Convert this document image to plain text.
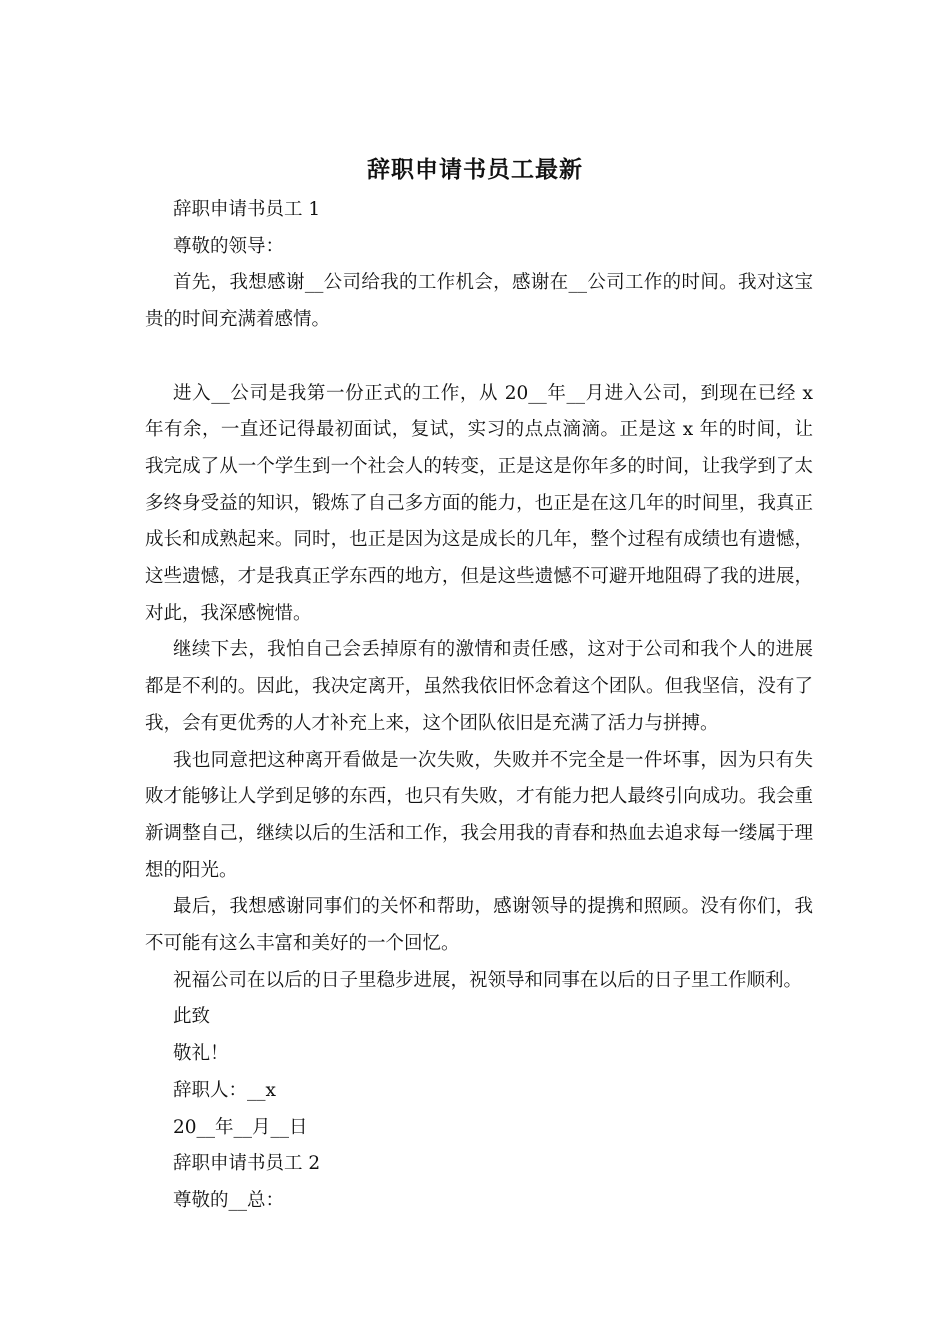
辞职申请书员工最新

辞职申请书员工 1

尊敬的领导：

首先，我想感谢__公司给我的工作机会，感谢在__公司工作的时间。我对这宝贵的时间充满着感情。

进入__公司是我第一份正式的工作，从 20__年__月进入公司，到现在已经 x 年有余，一直还记得最初面试，复试，实习的点点滴滴。正是这 x 年的时间，让我完成了从一个学生到一个社会人的转变，正是这是你年多的时间，让我学到了太多终身受益的知识，锻炼了自己多方面的能力，也正是在这几年的时间里，我真正成长和成熟起来。同时，也正是因为这是成长的几年，整个过程有成绩也有遗憾，这些遗憾，才是我真正学东西的地方，但是这些遗憾不可避开地阻碍了我的进展，对此，我深感惋惜。

继续下去，我怕自己会丢掉原有的激情和责任感，这对于公司和我个人的进展都是不利的。因此，我决定离开，虽然我依旧怀念着这个团队。但我坚信，没有了我，会有更优秀的人才补充上来，这个团队依旧是充满了活力与拼搏。

我也同意把这种离开看做是一次失败，失败并不完全是一件坏事，因为只有失败才能够让人学到足够的东西，也只有失败，才有能力把人最终引向成功。我会重新调整自己，继续以后的生活和工作，我会用我的青春和热血去追求每一缕属于理想的阳光。

最后，我想感谢同事们的关怀和帮助，感谢领导的提携和照顾。没有你们，我不可能有这么丰富和美好的一个回忆。

祝福公司在以后的日子里稳步进展，祝领导和同事在以后的日子里工作顺利。

此致

敬礼！

辞职人：__x

20__年__月__日

辞职申请书员工 2

尊敬的__总：
